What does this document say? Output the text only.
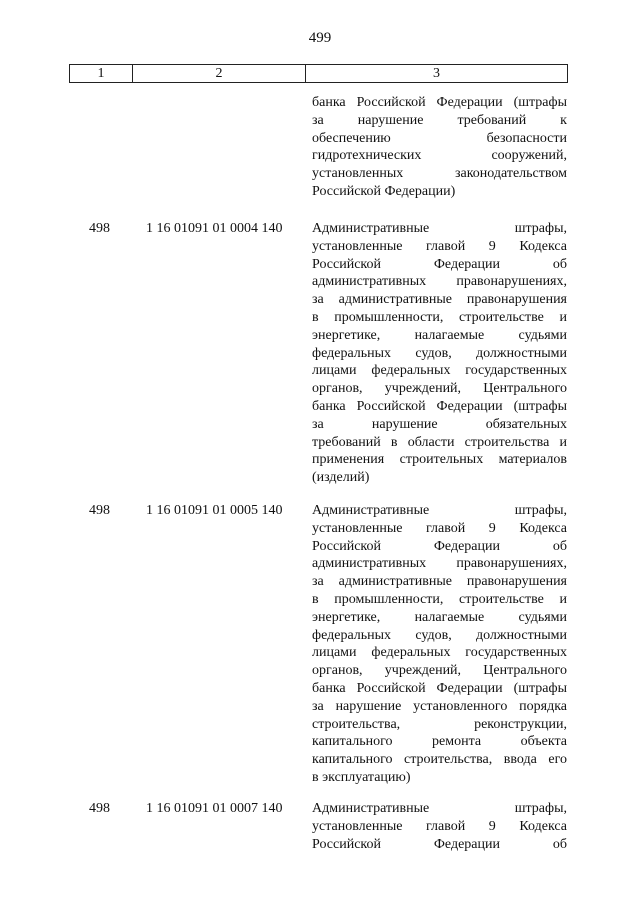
499
1	2	3
банка Российской Федерации (штрафы
за нарушение требований к
обеспечению безопасности
гидротехнических сооружений,
установленных законодательством
Российской Федерации)
498	1 16 01091 01 0004 140	Административные штрафы,
установленные главой 9 Кодекса
Российской Федерации об
административных правонарушениях,
за административные правонарушения
в промышленности, строительстве и
энергетике, налагаемые судьями
федеральных судов, должностными
лицами федеральных государственных
органов, учреждений, Центрального
банка Российской Федерации (штрафы
за нарушение обязательных
требований в области строительства и
применения строительных материалов
(изделий)
498	1 16 01091 01 0005 140	Административные штрафы,
установленные главой 9 Кодекса
Российской Федерации об
административных правонарушениях,
за административные правонарушения
в промышленности, строительстве и
энергетике, налагаемые судьями
федеральных судов, должностными
лицами федеральных государственных
органов, учреждений, Центрального
банка Российской Федерации (штрафы
за нарушение установленного порядка
строительства, реконструкции,
капитального ремонта объекта
капитального строительства, ввода его
в эксплуатацию)
498	1 16 01091 01 0007 140	Административные штрафы,
установленные главой 9 Кодекса
Российской Федерации об
